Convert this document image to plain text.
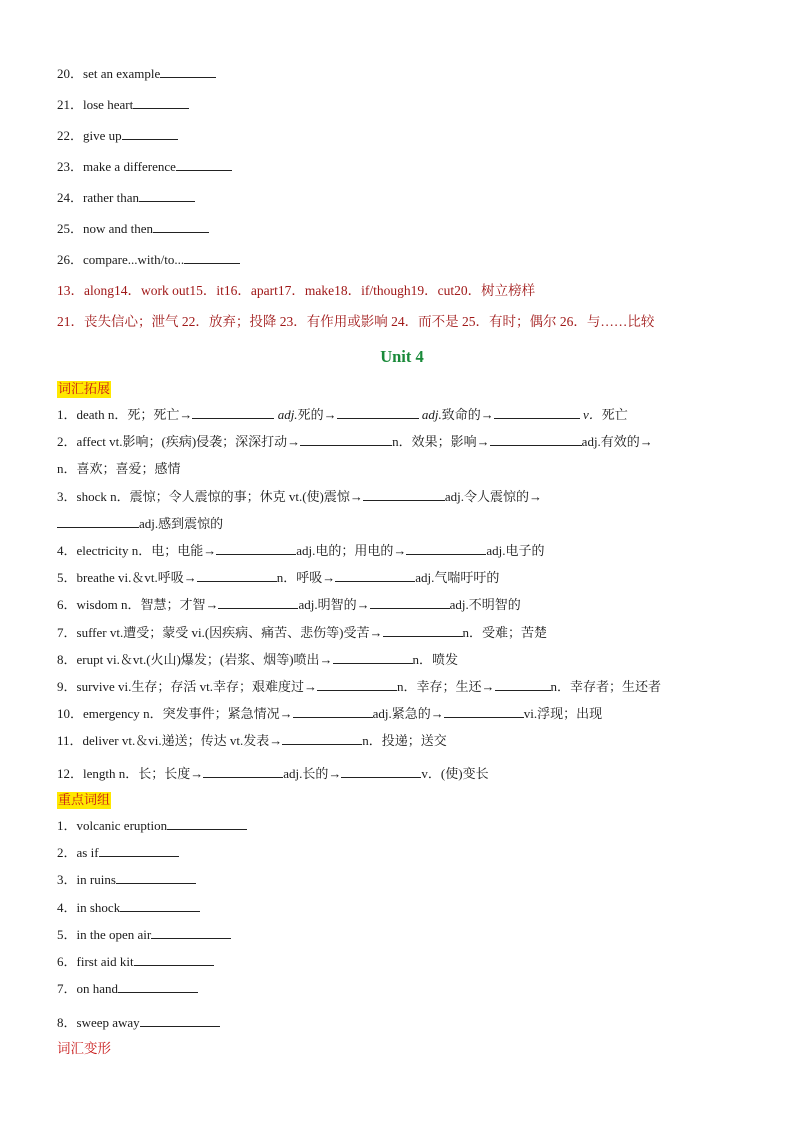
20．set an example
21．lose heart
22．give up
23．make a difference
24．rather than
25．now and then
26．compare...with/to...
13．along14．work out15．it16．apart17．make18．if/though19．cut20．树立榜样
21．丧失信心；泄气 22．放弃；投降 23．有作用或影响 24．而不是 25．有时；偶尔 26．与……比较
Unit 4
词汇拓展
1．death n．死；死亡→	adj.死的→	adj.致命的→	v．死亡
2．affect vt.影响；(疾病)侵袭；深深打动→	n．效果；影响→	adj.有效的→
n．喜欢；喜爱；感情
3．shock n．震惊；令人震惊的事；休克 vt.(使)震惊→	adj.令人震惊的→
adj.感到震惊的
4．electricity n．电；电能→	adj.电的；用电的→	adj.电子的
5．breathe vi.＆vt.呼吸→	n．呼吸→	adj.气喘吁吁的
6．wisdom n．智慧；才智→	adj.明智的→	adj.不明智的
7．suffer vt.遭受；蒙受 vi.(因疾病、痛苦、悲伤等)受苦→	n．受难；苦楚
8．erupt vi.＆vt.(火山)爆发；(岩浆、烟等)喷出→	n．喷发
9．survive vi.生存；存活 vt.幸存；艰难度过→	n．幸存；生还→	n．幸存者；生还者
10．emergency n．突发事件；紧急情况→	adj.紧急的→	vi.浮现；出现
11．deliver vt.＆vi.递送；传达 vt.发表→	n．投递；送交
12．length n．长；长度→	adj.长的→	v．(使)变长
重点词组
1．volcanic eruption
2．as if
3．in ruins
4．in shock
5．in the open air
6．first aid kit
7．on hand
8．sweep away
词汇变形
